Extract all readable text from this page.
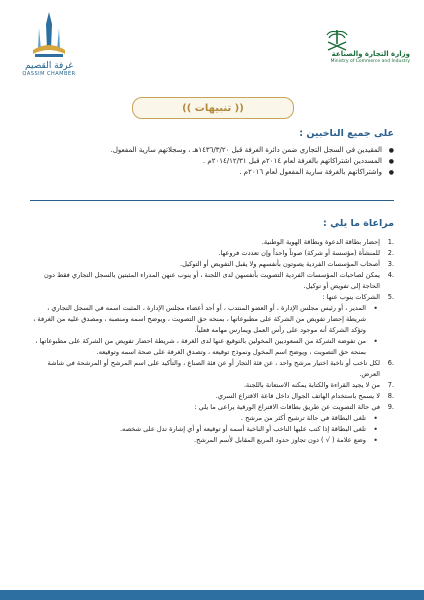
غرفة القصيم
QASSIM CHAMBER
وزارة التجارة والصناعة
Ministry of Commerce and Industry
(( تنبيهات ))
على جميع الناخبين :
● المقيدين في السجل التجاري ضمن دائرة الغرفة قبل ١٤٣٦/٣/٢٠هـ ، وسجلاتهم سارية المفعول.
● المسددين اشتراكاتهم بالغرفة لعام ٢٠١٤م قبل ٢٠١٤/١٢/٣١م .
● واشتراكاتهم بالغرفة سارية المفعول لعام ٢٠١٦م .
مراعاة ما يلي :
1.
إحضار بطاقة الدعوة وبطاقة الهوية الوطنية.
2.
للمنشأة (مؤسسة أو شركة) صوتاً واحداً وإن تعددت فروعها.
3.
أصحاب المؤسسات الفردية يصوتون بأنفسهم ولا يقبل التفويض أو التوكيل.
4.
يمكن لصاحبات المؤسسات الفردية التصويت بأنفسهن لدى اللجنة ، أو ينوب عنهن المدراء المثبتين بالسجل التجاري فقط دون الحاجة إلى تفويض أو توكيل.
5.
الشركات ينوب عنها :
• المدير ، أو رئيس مجلس الإدارة ، أو العضو المنتدب ، أو أحد أعضاء مجلس الإدارة ، المثبت اسمه في السجل التجاري ، شريطة إحضار تفويض من الشركة على مطبوعاتها ، بمنحه حق التصويت ، ويوضح اسمه ومنصبه ، ومصدق عليه من الغرفة ، وتؤكد الشركة أنه موجود على رأس العمل ويمارس مهامه فعلياً.
• من تفوضه الشركة من السعوديين المخولين بالتوقيع عنها لدى الغرفة ، شريطة احضار تفويض من الشركة على مطبوعاتها ، بمنحه حق التصويت ، ويوضح اسم المخول ونموذج توقيعه ، وتصدق الغرفة على صحة اسمه وتوقيعه.
6.
لكل ناخب أو ناخبة اختيار مرشح واحد ، عن فئة التجار أو عن فئة الصناع ، والتأكيد على اسم المرشح أو المرشحة في شاشة العرض.
7.
من لا يجيد القراءة والكتابة يمكنه الاستعانة باللجنة.
8.
لا يسمح باستخدام الهاتف الجوال داخل قاعة الاقتراع السري.
9.
في حالة التصويت عن طريق بطاقات الاقتراع الورقية يراعى ما يلي :
• تلغى البطاقة في حالة ترشيح أكثر من مرشح .
• تلغى البطاقة إذا كتب عليها الناخب أو الناخبة أسمه أو توقيعه أو أي إشارة تدل على شخصه.
• وضع علامة ( √ ) دون تجاوز حدود المربع المقابل لأسم المرشح.
